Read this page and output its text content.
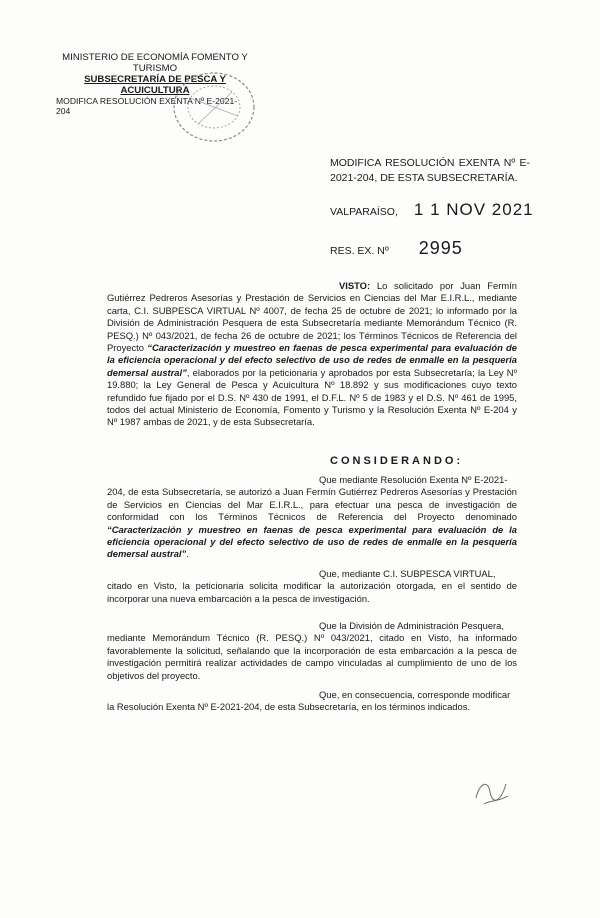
MINISTERIO DE ECONOMÍA FOMENTO Y
TURISMO
SUBSECRETARÍA DE PESCA Y
ACUICULTURA
MODIFICA RESOLUCIÓN EXENTA Nº E-2021-
204
MODIFICA RESOLUCIÓN EXENTA Nº E-2021-204, DE ESTA SUBSECRETARÍA.
VALPARAÍSO, 1 1 NOV 2021
RES. EX. Nº 2995
VISTO: Lo solicitado por Juan Fermín Gutiérrez Pedreros Asesorías y Prestación de Servicios en Ciencias del Mar E.I.R.L., mediante carta, C.I. SUBPESCA VIRTUAL Nº 4007, de fecha 25 de octubre de 2021; lo informado por la División de Administración Pesquera de esta Subsecretaría mediante Memorándum Técnico (R. PESQ.) Nº 043/2021, de fecha 26 de octubre de 2021; los Términos Técnicos de Referencia del Proyecto “Caracterización y muestreo en faenas de pesca experimental para evaluación de la eficiencia operacional y del efecto selectivo de uso de redes de enmalle en la pesquería demersal austral”, elaborados por la peticionaria y aprobados por esta Subsecretaría; la Ley Nº 19.880; la Ley General de Pesca y Acuicultura Nº 18.892 y sus modificaciones cuyo texto refundido fue fijado por el D.S. Nº 430 de 1991, el D.F.L. Nº 5 de 1983 y el D.S. Nº 461 de 1995, todos del actual Ministerio de Economía, Fomento y Turismo y la Resolución Exenta Nº E-204 y Nº 1987 ambas de 2021, y de esta Subsecretaría.
CONSIDERANDO:
Que mediante Resolución Exenta Nº E-2021-
204, de esta Subsecretaría, se autorizó a Juan Fermín Gutiérrez Pedreros Asesorías y Prestación de Servicios en Ciencias del Mar E.I.R.L., para efectuar una pesca de investigación de conformidad con los Términos Técnicos de Referencia del Proyecto denominado “Caracterización y muestreo en faenas de pesca experimental para evaluación de la eficiencia operacional y del efecto selectivo de uso de redes de enmalle en la pesquería demersal austral”.
Que, mediante C.I. SUBPESCA VIRTUAL,
citado en Visto, la peticionaria solicita modificar la autorización otorgada, en el sentido de incorporar una nueva embarcación a la pesca de investigación.
Que la División de Administración Pesquera,
mediante Memorándum Técnico (R. PESQ.) Nº 043/2021, citado en Visto, ha informado favorablemente la solicitud, señalando que la incorporación de esta embarcación a la pesca de investigación permitirá realizar actividades de campo vinculadas al cumplimiento de uno de los objetivos del proyecto.
Que, en consecuencia, corresponde modificar
la Resolución Exenta Nº E-2021-204, de esta Subsecretaría, en los términos indicados.
